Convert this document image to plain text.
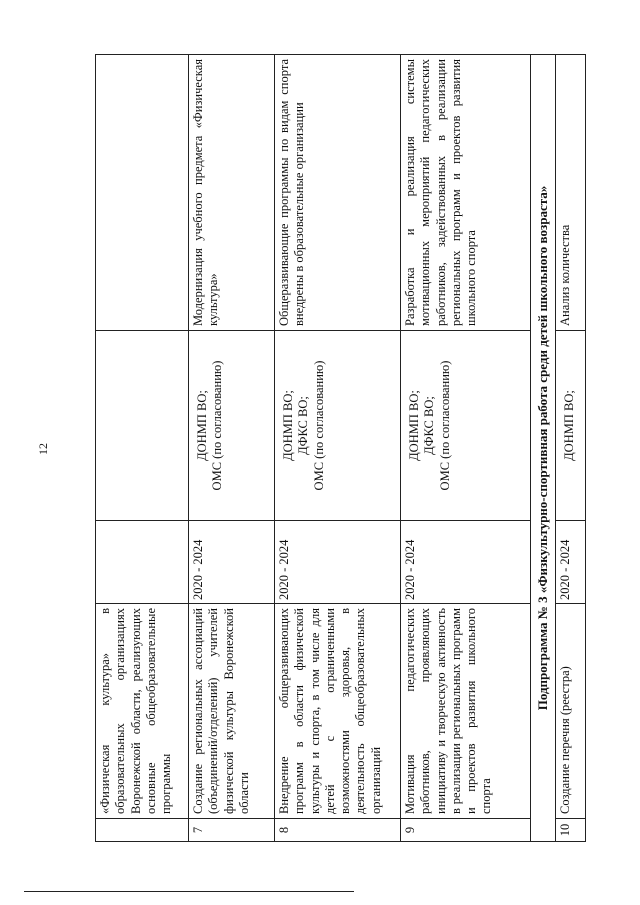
12
	«Физическая культура» в образовательных организациях Воронежской области, реализующих основные общеобразовательные программы			
7	Создание региональных ассоциаций (объединений/отделений) учителей физической культуры Воронежской области	2020 - 2024	ДОНМП ВО; ОМС (по согласованию)	Модернизация учебного предмета «Физическая культура»
8	Внедрение общеразвивающих программ в области физической культуры и спорта, в том числе для детей с ограниченными возможностями здоровья, в деятельность общеобразовательных организаций	2020 - 2024	ДОНМП ВО; ДФКС ВО; ОМС (по согласованию)	Общеразвивающие программы по видам спорта внедрены в образовательные организации
9	Мотивация педагогических работников, проявляющих инициативу и творческую активность в реализации региональных программ и проектов развития школьного спорта	2020 - 2024	ДОНМП ВО; ДФКС ВО; ОМС (по согласованию)	Разработка и реализация системы мотивационных мероприятий педагогических работников, задействованных в реализации региональных программ и проектов развития школьного спорта
Подпрограмма № 3 «Физкультурно-спортивная работа среди детей школьного возраста»				
10	Создание перечня (реестра)	2020 - 2024	ДОНМП ВО;	Анализ количества
